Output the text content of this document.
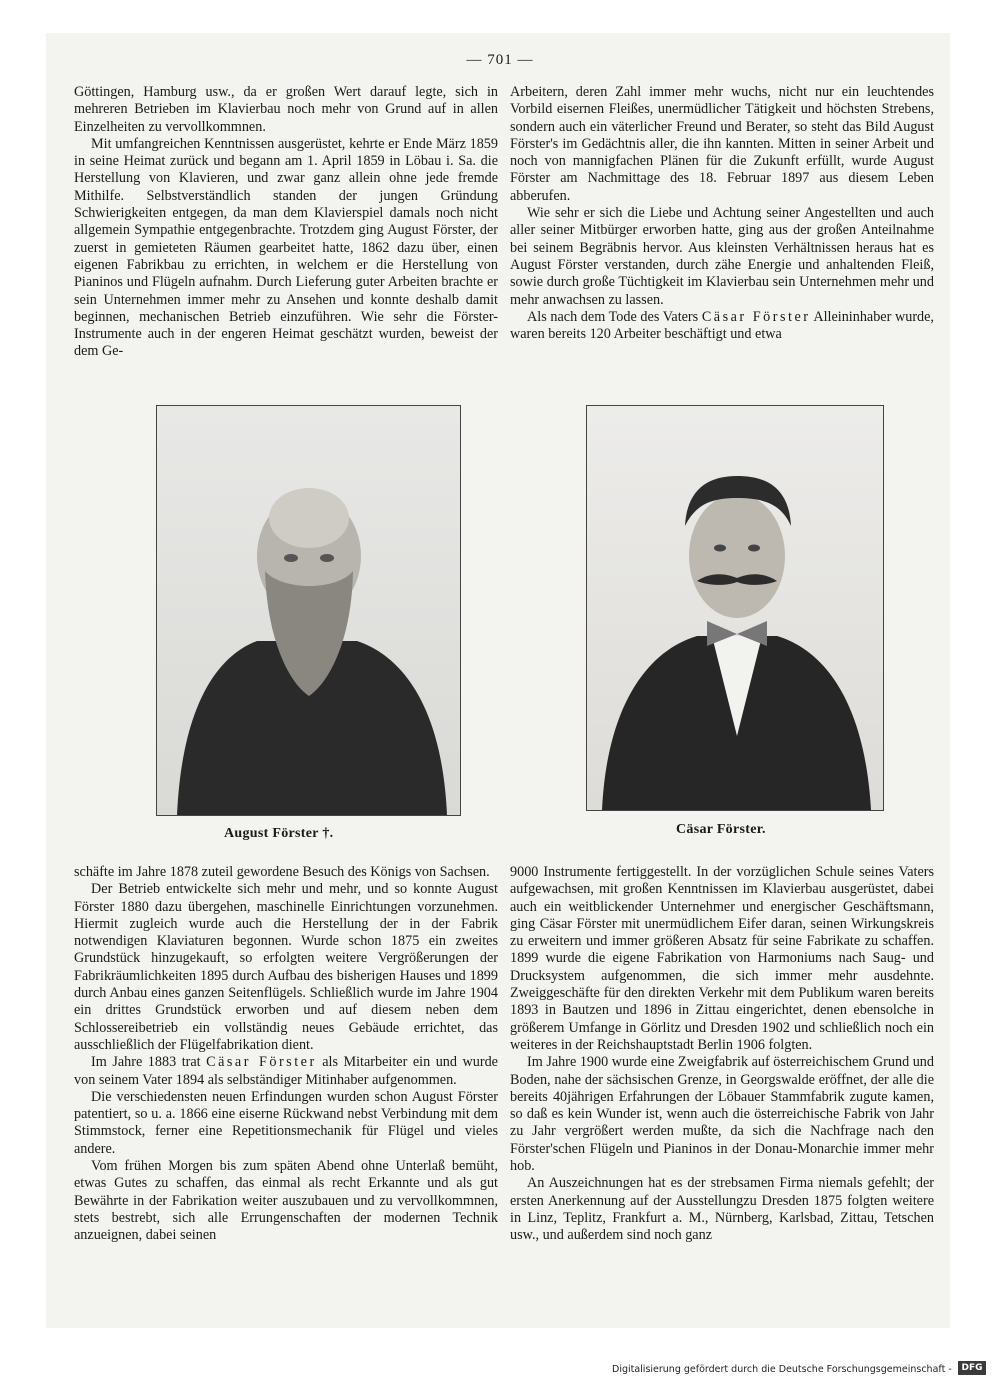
— 701 —

Göttingen, Hamburg usw., da er großen Wert darauf legte, sich in mehreren Betrieben im Klavierbau noch mehr von Grund auf in allen Einzelheiten zu vervollkommnen.

Mit umfangreichen Kenntnissen ausgerüstet, kehrte er Ende März 1859 in seine Heimat zurück und begann am 1. April 1859 in Löbau i. Sa. die Herstellung von Klavieren, und zwar ganz allein ohne jede fremde Mithilfe. Selbstverständlich standen der jungen Gründung Schwierigkeiten entgegen, da man dem Klavierspiel damals noch nicht allgemein Sympathie entgegenbrachte. Trotzdem ging August Förster, der zuerst in gemieteten Räumen gearbeitet hatte, 1862 dazu über, einen eigenen Fabrikbau zu errichten, in welchem er die Herstellung von Pianinos und Flügeln aufnahm. Durch Lieferung guter Arbeiten brachte er sein Unternehmen immer mehr zu Ansehen und konnte deshalb damit beginnen, mechanischen Betrieb einzuführen. Wie sehr die Förster-Instrumente auch in der engeren Heimat geschätzt wurden, beweist der dem Ge-

Arbeitern, deren Zahl immer mehr wuchs, nicht nur ein leuchtendes Vorbild eisernen Fleißes, unermüdlicher Tätigkeit und höchsten Strebens, sondern auch ein väterlicher Freund und Berater, so steht das Bild August Förster's im Gedächtnis aller, die ihn kannten. Mitten in seiner Arbeit und noch von mannigfachen Plänen für die Zukunft erfüllt, wurde August Förster am Nachmittage des 18. Februar 1897 aus diesem Leben abberufen.

Wie sehr er sich die Liebe und Achtung seiner Angestellten und auch aller seiner Mitbürger erworben hatte, ging aus der großen Anteilnahme bei seinem Begräbnis hervor. Aus kleinsten Verhältnissen heraus hat es August Förster verstanden, durch zähe Energie und anhaltenden Fleiß, sowie durch große Tüchtigkeit im Klavierbau sein Unternehmen mehr und mehr anwachsen zu lassen.

Als nach dem Tode des Vaters Cäsar Förster Alleininhaber wurde, waren bereits 120 Arbeiter beschäftigt und etwa

August Förster †.	Cäsar Förster.

schäfte im Jahre 1878 zuteil gewordene Besuch des Königs von Sachsen.

Der Betrieb entwickelte sich mehr und mehr, und so konnte August Förster 1880 dazu übergehen, maschinelle Einrichtungen vorzunehmen. Hiermit zugleich wurde auch die Herstellung der in der Fabrik notwendigen Klaviaturen begonnen. Wurde schon 1875 ein zweites Grundstück hinzugekauft, so erfolgten weitere Vergrößerungen der Fabrikräumlichkeiten 1895 durch Aufbau des bisherigen Hauses und 1899 durch Anbau eines ganzen Seitenflügels. Schließlich wurde im Jahre 1904 ein drittes Grundstück erworben und auf diesem neben dem Schlossereibetrieb ein vollständig neues Gebäude errichtet, das ausschließlich der Flügelfabrikation dient.

Im Jahre 1883 trat Cäsar Förster als Mitarbeiter ein und wurde von seinem Vater 1894 als selbständiger Mitinhaber aufgenommen.

Die verschiedensten neuen Erfindungen wurden schon August Förster patentiert, so u. a. 1866 eine eiserne Rückwand nebst Verbindung mit dem Stimmstock, ferner eine Repetitionsmechanik für Flügel und vieles andere.

Vom frühen Morgen bis zum späten Abend ohne Unterlaß bemüht, etwas Gutes zu schaffen, das einmal als recht Erkannte und als gut Bewährte in der Fabrikation weiter auszubauen und zu vervollkommnen, stets bestrebt, sich alle Errungenschaften der modernen Technik anzueignen, dabei seinen

9000 Instrumente fertiggestellt. In der vorzüglichen Schule seines Vaters aufgewachsen, mit großen Kenntnissen im Klavierbau ausgerüstet, dabei auch ein weitblickender Unternehmer und energischer Geschäftsmann, ging Cäsar Förster mit unermüdlichem Eifer daran, seinen Wirkungskreis zu erweitern und immer größeren Absatz für seine Fabrikate zu schaffen. 1899 wurde die eigene Fabrikation von Harmoniums nach Saug- und Drucksystem aufgenommen, die sich immer mehr ausdehnte. Zweiggeschäfte für den direkten Verkehr mit dem Publikum waren bereits 1893 in Bautzen und 1896 in Zittau eingerichtet, denen ebensolche in größerem Umfange in Görlitz und Dresden 1902 und schließlich noch ein weiteres in der Reichshauptstadt Berlin 1906 folgten.

Im Jahre 1900 wurde eine Zweigfabrik auf österreichischem Grund und Boden, nahe der sächsischen Grenze, in Georgswalde eröffnet, der alle die bereits 40jährigen Erfahrungen der Löbauer Stammfabrik zugute kamen, so daß es kein Wunder ist, wenn auch die österreichische Fabrik von Jahr zu Jahr vergrößert werden mußte, da sich die Nachfrage nach den Förster'schen Flügeln und Pianinos in der Donau-Monarchie immer mehr hob.

An Auszeichnungen hat es der strebsamen Firma niemals gefehlt; der ersten Anerkennung auf der Ausstellungzu Dresden 1875 folgten weitere in Linz, Teplitz, Frankfurt a. M., Nürnberg, Karlsbad, Zittau, Tetschen usw., und außerdem sind noch ganz

Digitalisierung gefördert durch die Deutsche Forschungsgemeinschaft -	DFG
